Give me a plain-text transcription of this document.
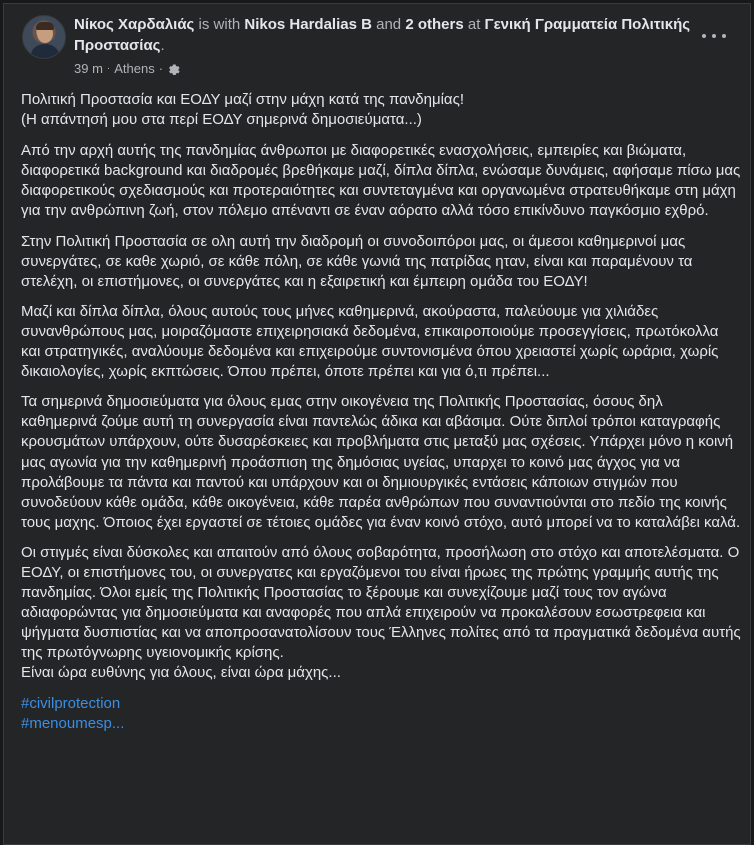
Νίκος Χαρδαλιάς is with Nikos Hardalias B and 2 others at Γενική Γραμματεία Πολιτικής Προστασίας.
39 m · Athens ·
Πολιτική Προστασία και ΕΟΔΥ μαζί στην μάχη κατά της πανδημίας!
(Η απάντησή μου στα περί ΕΟΔΥ σημερινά δημοσιεύματα...)
Από την αρχή αυτής της πανδημίας άνθρωποι με διαφορετικές ενασχολήσεις, εμπειρίες και βιώματα, διαφορετικά background και διαδρομές βρεθήκαμε μαζί, δίπλα δίπλα, ενώσαμε δυνάμεις, αφήσαμε πίσω μας διαφορετικούς σχεδιασμούς και προτεραιότητες και συντεταγμένα και οργανωμένα στρατευθήκαμε στη μάχη για την ανθρώπινη ζωή, στον πόλεμο απέναντι σε έναν αόρατο αλλά τόσο επικίνδυνο παγκόσμιο εχθρό.
Στην Πολιτική Προστασία σε ολη αυτή την διαδρομή οι συνοδοιπόροι μας, οι άμεσοι καθημερινοί μας συνεργάτες, σε καθε χωριό, σε κάθε πόλη, σε κάθε γωνιά της πατρίδας ηταν, είναι και παραμένουν τα στελέχη, οι επιστήμονες, οι συνεργάτες και η εξαιρετική και έμπειρη ομάδα του ΕΟΔΥ!
Μαζί και δίπλα δίπλα, όλους αυτούς τους μήνες καθημερινά, ακούραστα, παλεύουμε για χιλιάδες συνανθρώπους μας, μοιραζόμαστε επιχειρησιακά δεδομένα, επικαιροποιούμε προσεγγίσεις, πρωτόκολλα και στρατηγικές, αναλύουμε δεδομένα και επιχειρούμε συντονισμένα όπου χρειαστεί χωρίς ωράρια, χωρίς δικαιολογίες, χωρίς εκπτώσεις. Όπου πρέπει, όποτε πρέπει και για ό,τι πρέπει...
Τα σημερινά δημοσιεύματα για όλους εμας στην οικογένεια της Πολιτικής Προστασίας, όσους δηλ καθημερινά ζούμε αυτή τη συνεργασία είναι παντελώς άδικα και αβάσιμα. Ούτε διπλοί τρόποι καταγραφής κρουσμάτων υπάρχουν, ούτε δυσαρέσκειες και προβλήματα στις μεταξύ μας σχέσεις. Υπάρχει μόνο η κοινή μας αγωνία για την καθημερινή προάσπιση της δημόσιας υγείας, υπαρχει το κοινό μας άγχος για να προλάβουμε τα πάντα και παντού και υπάρχουν και οι δημιουργικές εντάσεις κάποιων στιγμών που συνοδεύουν κάθε ομάδα, κάθε οικογένεια, κάθε παρέα ανθρώπων που συναντιούνται στο πεδίο της κοινής τους μαχης. Όποιος έχει εργαστεί σε τέτοιες ομάδες για έναν κοινό στόχο, αυτό μπορεί να το καταλάβει καλά.
Οι στιγμές είναι δύσκολες και απαιτούν από όλους σοβαρότητα, προσήλωση στο στόχο και αποτελέσματα. Ο ΕΟΔΥ, οι επιστήμονες του, οι συνεργατες και εργαζόμενοι του είναι ήρωες της πρώτης γραμμής αυτής της πανδημίας. Όλοι εμείς της Πολιτικής Προστασίας το ξέρουμε και συνεχίζουμε μαζί τους τον αγώνα αδιαφορώντας για δημοσιεύματα και αναφορές που απλά επιχειρούν να προκαλέσουν εσωστρεφεια και ψήγματα δυσπιστίας και να αποπροσανατολίσουν τους Έλληνες πολίτες από τα πραγματικά δεδομένα αυτής της πρωτόγνωρης υγειονομικής κρίσης.
Είναι ώρα ευθύνης για όλους, είναι ώρα μάχης...
#civilprotection
#menoumesp...
